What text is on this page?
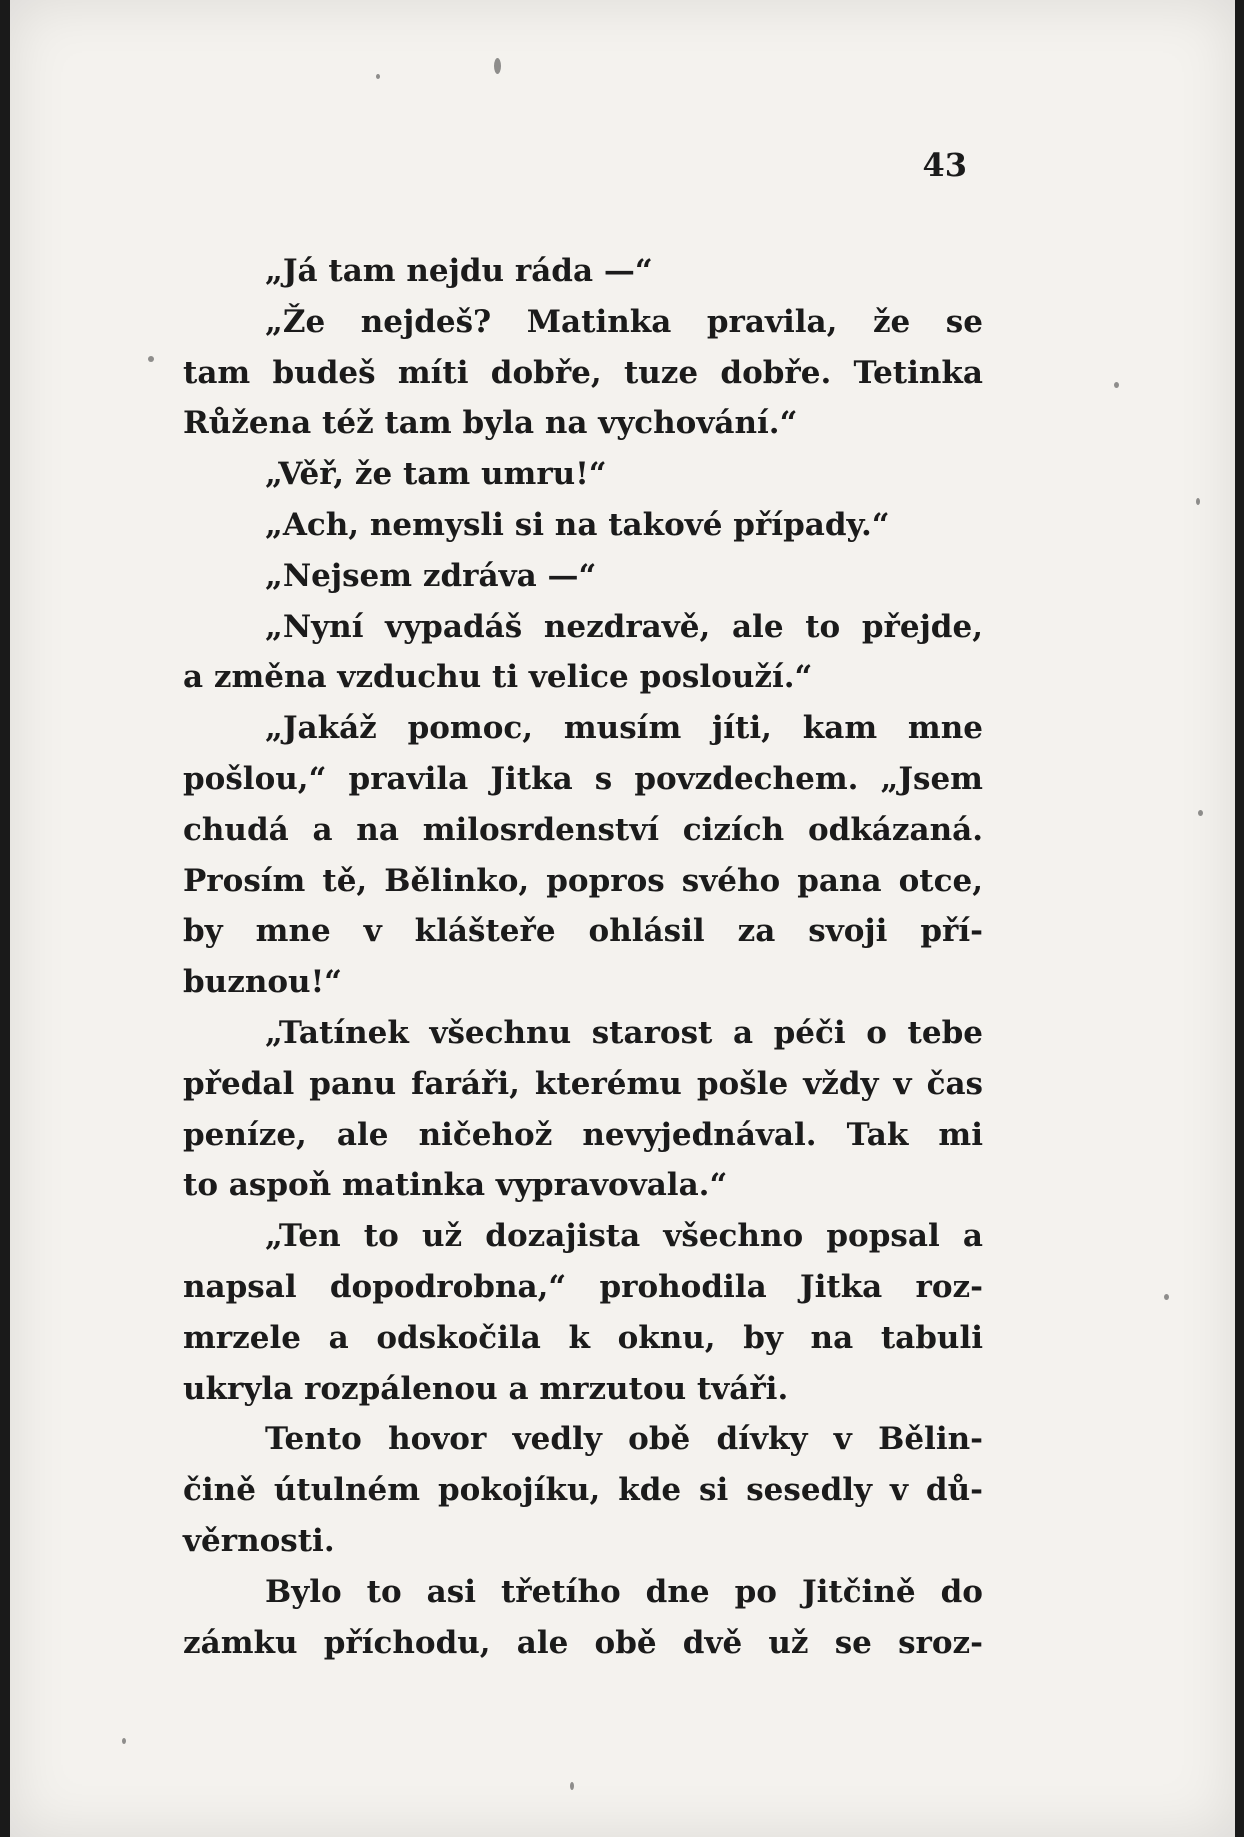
43

„Já tam nejdu ráda —“
„Že nejdeš? Matinka pravila, že se
tam budeš míti dobře, tuze dobře. Tetinka
Růžena též tam byla na vychování.“
„Věř, že tam umru!“
„Ach, nemysli si na takové případy.“
„Nejsem zdráva —“
„Nyní vypadáš nezdravě, ale to přejde,
a změna vzduchu ti velice poslouží.“
„Jakáž pomoc, musím jíti, kam mne
pošlou,“ pravila Jitka s povzdechem. „Jsem
chudá a na milosrdenství cizích odkázaná.
Prosím tě, Bělinko, popros svého pana otce,
by mne v klášteře ohlásil za svoji pří-
buznou!“
„Tatínek všechnu starost a péči o tebe
předal panu faráři, kterému pošle vždy v čas
peníze, ale ničehož nevyjednával. Tak mi
to aspoň matinka vypravovala.“
„Ten to už dozajista všechno popsal a
napsal dopodrobna,“ prohodila Jitka roz-
mrzele a odskočila k oknu, by na tabuli
ukryla rozpálenou a mrzutou tváři.
Tento hovor vedly obě dívky v Bělin-
čině útulném pokojíku, kde si sesedly v dů-
věrnosti.
Bylo to asi třetího dne po Jitčině do
zámku příchodu, ale obě dvě už se sroz-
